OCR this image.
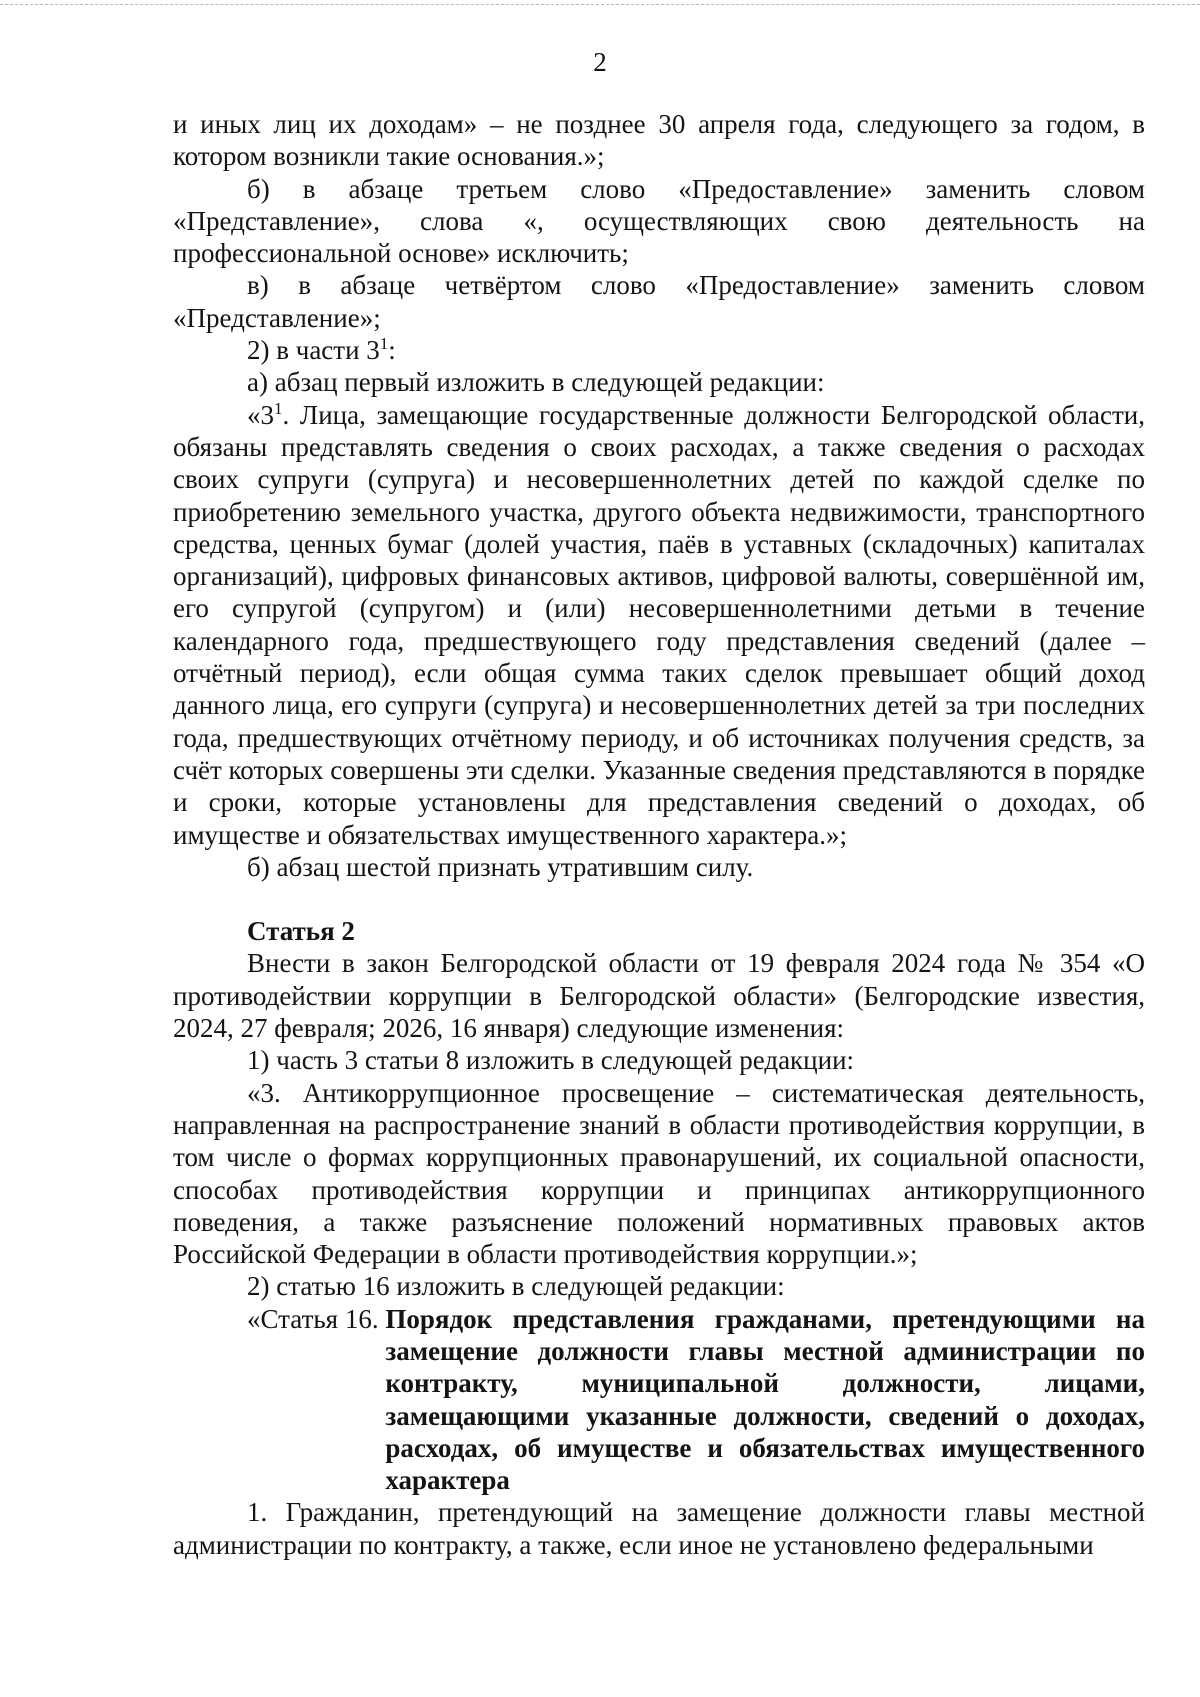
2

и иных лиц их доходам» – не позднее 30 апреля года, следующего за годом, в котором возникли такие основания.»;

б) в абзаце третьем слово «Предоставление» заменить словом «Представление», слова «, осуществляющих свою деятельность на профессиональной основе» исключить;

в) в абзаце четвёртом слово «Предоставление» заменить словом «Представление»;

2) в части $3^1$:

а) абзац первый изложить в следующей редакции:

«$3^1$. Лица, замещающие государственные должности Белгородской области, обязаны представлять сведения о своих расходах, а также сведения о расходах своих супруги (супруга) и несовершеннолетних детей по каждой сделке по приобретению земельного участка, другого объекта недвижимости, транспортного средства, ценных бумаг (долей участия, паёв в уставных (складочных) капиталах организаций), цифровых финансовых активов, цифровой валюты, совершённой им, его супругой (супругом) и (или) несовершеннолетними детьми в течение календарного года, предшествующего году представления сведений (далее – отчётный период), если общая сумма таких сделок превышает общий доход данного лица, его супруги (супруга) и несовершеннолетних детей за три последних года, предшествующих отчётному периоду, и об источниках получения средств, за счёт которых совершены эти сделки. Указанные сведения представляются в порядке и сроки, которые установлены для представления сведений о доходах, об имуществе и обязательствах имущественного характера.»;

б) абзац шестой признать утратившим силу.

Статья 2

Внести в закон Белгородской области от 19 февраля 2024 года № 354 «О противодействии коррупции в Белгородской области» (Белгородские известия, 2024, 27 февраля; 2026, 16 января) следующие изменения:

1) часть 3 статьи 8 изложить в следующей редакции:

«3. Антикоррупционное просвещение – систематическая деятельность, направленная на распространение знаний в области противодействия коррупции, в том числе о формах коррупционных правонарушений, их социальной опасности, способах противодействия коррупции и принципах антикоррупционного поведения, а также разъяснение положений нормативных правовых актов Российской Федерации в области противодействия коррупции.»;

2) статью 16 изложить в следующей редакции:

«Статья 16. Порядок представления гражданами, претендующими на замещение должности главы местной администрации по контракту, муниципальной должности, лицами, замещающими указанные должности, сведений о доходах, расходах, об имуществе и обязательствах имущественного характера

1. Гражданин, претендующий на замещение должности главы местной администрации по контракту, а также, если иное не установлено федеральными
